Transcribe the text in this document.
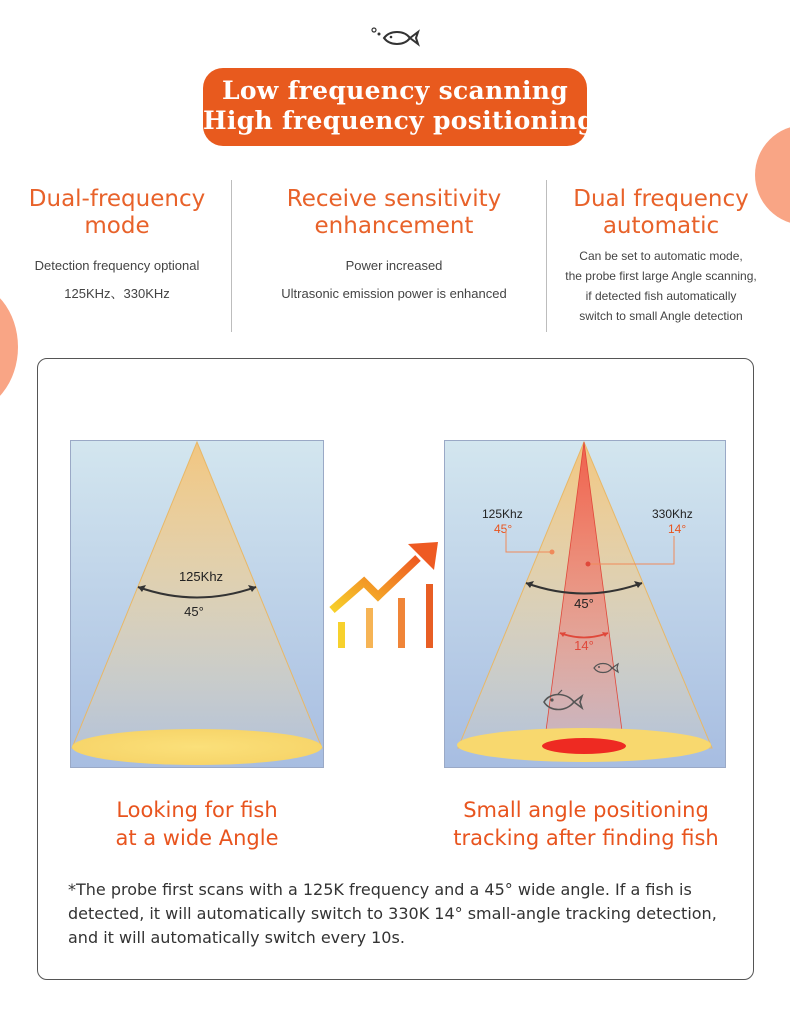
Low frequency scanning
High frequency positioning
Dual-frequency
mode
Detection frequency optional
125KHz、330KHz
Receive sensitivity
enhancement
Power increased
Ultrasonic emission power is enhanced
Dual frequency
automatic
Can be set to automatic mode,
the probe first large Angle scanning,
if detected fish automatically
switch to small Angle detection
125Khz
45°
125Khz
45°
330Khz
14°
45°
14°
Looking for fish
at a wide Angle
Small angle positioning
tracking after finding fish
*The probe first scans with a 125K frequency and a 45° wide angle. If a fish is detected, it will automatically switch to 330K 14° small-angle tracking detection, and it will automatically switch every 10s.
